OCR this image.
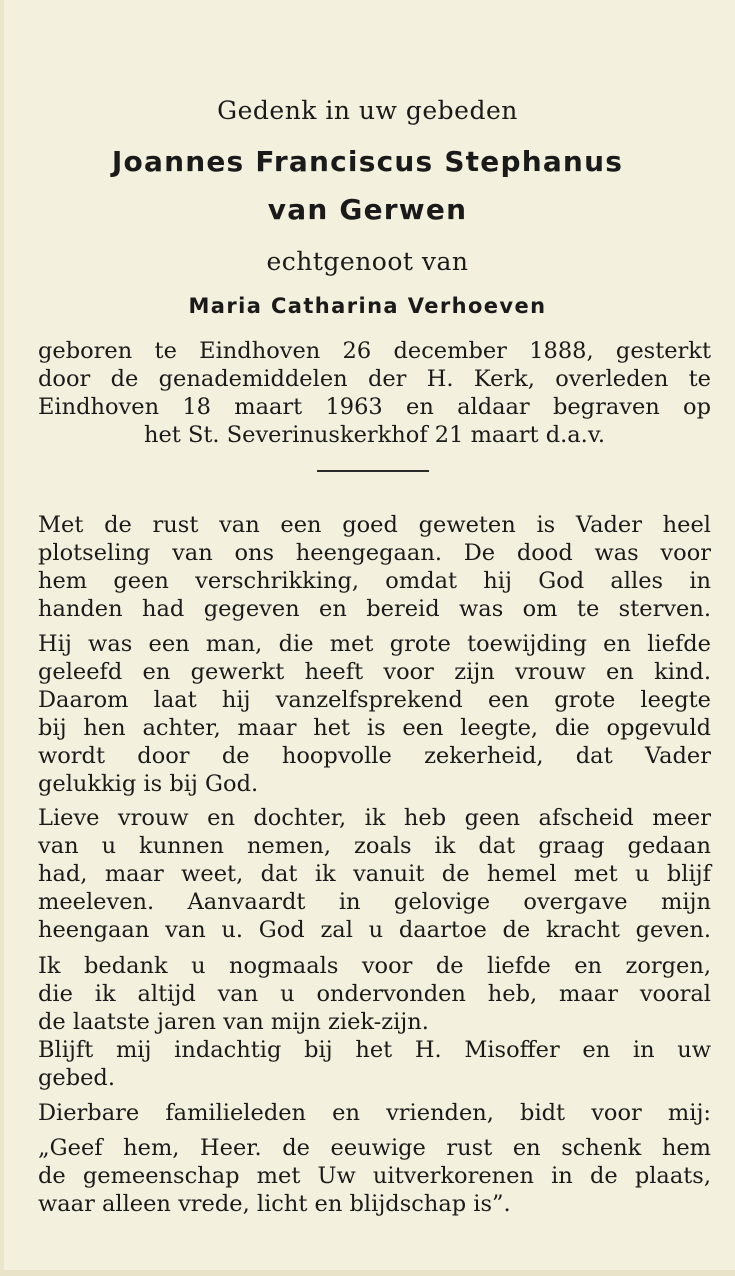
Gedenk in uw gebeden
Joannes Franciscus Stephanus
van Gerwen
echtgenoot van
Maria Catharina Verhoeven
geboren te Eindhoven 26 december 1888, gesterkt
door de genademiddelen der H. Kerk, overleden te
Eindhoven 18 maart 1963 en aldaar begraven op
het St. Severinuskerkhof 21 maart d.a.v.
Met de rust van een goed geweten is Vader heel
plotseling van ons heengegaan. De dood was voor
hem geen verschrikking, omdat hij God alles in
handen had gegeven en bereid was om te sterven.
Hij was een man, die met grote toewijding en liefde
geleefd en gewerkt heeft voor zijn vrouw en kind.
Daarom laat hij vanzelfsprekend een grote leegte
bij hen achter, maar het is een leegte, die opgevuld
wordt door de hoopvolle zekerheid, dat Vader
gelukkig is bij God.
Lieve vrouw en dochter, ik heb geen afscheid meer
van u kunnen nemen, zoals ik dat graag gedaan
had, maar weet, dat ik vanuit de hemel met u blijf
meeleven. Aanvaardt in gelovige overgave mijn
heengaan van u. God zal u daartoe de kracht geven.
Ik bedank u nogmaals voor de liefde en zorgen,
die ik altijd van u ondervonden heb, maar vooral
de laatste jaren van mijn ziek-zijn.
Blijft mij indachtig bij het H. Misoffer en in uw
gebed.
Dierbare familieleden en vrienden, bidt voor mij:
„Geef hem, Heer. de eeuwige rust en schenk hem
de gemeenschap met Uw uitverkorenen in de plaats,
waar alleen vrede, licht en blijdschap is”.
